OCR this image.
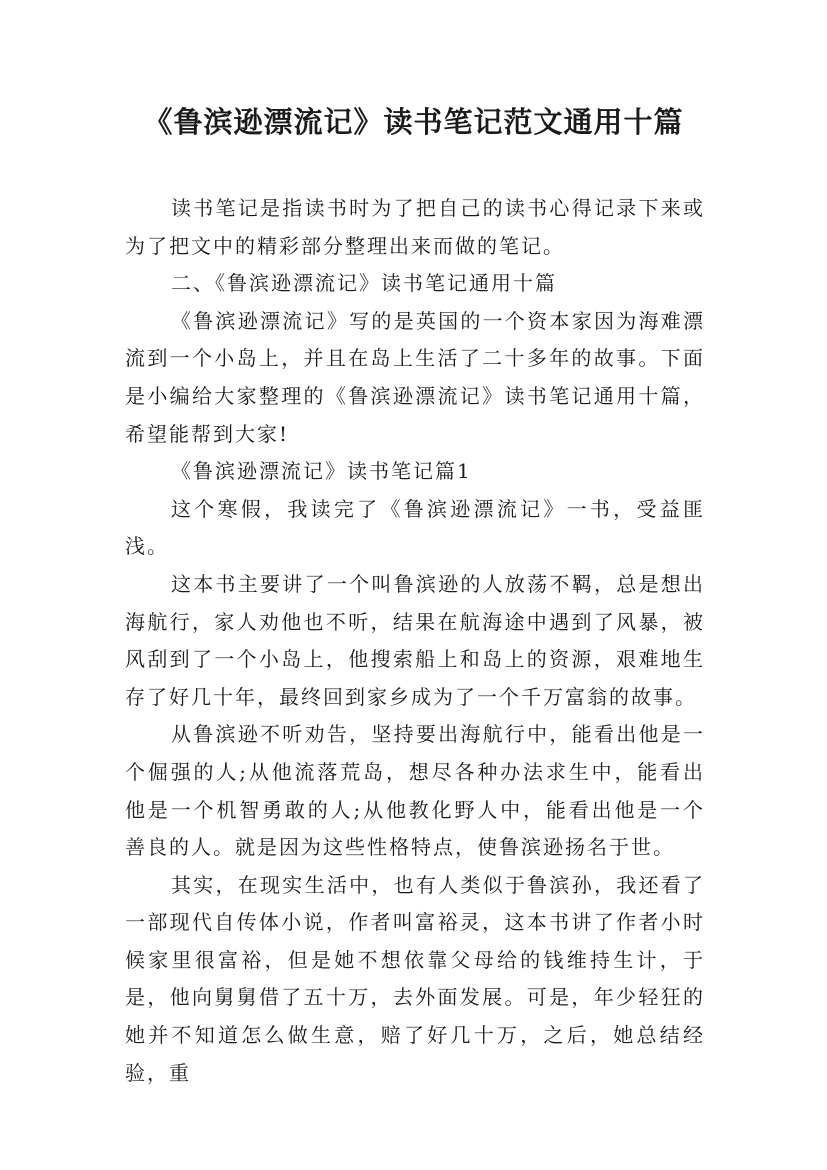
《鲁滨逊漂流记》读书笔记范文通用十篇

读书笔记是指读书时为了把自己的读书心得记录下来或为了把文中的精彩部分整理出来而做的笔记。

二、《鲁滨逊漂流记》读书笔记通用十篇

《鲁滨逊漂流记》写的是英国的一个资本家因为海难漂流到一个小岛上，并且在岛上生活了二十多年的故事。下面是小编给大家整理的《鲁滨逊漂流记》读书笔记通用十篇，希望能帮到大家!

《鲁滨逊漂流记》读书笔记篇1

这个寒假，我读完了《鲁滨逊漂流记》一书，受益匪浅。

这本书主要讲了一个叫鲁滨逊的人放荡不羁，总是想出海航行，家人劝他也不听，结果在航海途中遇到了风暴，被风刮到了一个小岛上，他搜索船上和岛上的资源，艰难地生存了好几十年，最终回到家乡成为了一个千万富翁的故事。

从鲁滨逊不听劝告，坚持要出海航行中，能看出他是一个倔强的人;从他流落荒岛，想尽各种办法求生中，能看出他是一个机智勇敢的人;从他教化野人中，能看出他是一个善良的人。就是因为这些性格特点，使鲁滨逊扬名于世。

其实，在现实生活中，也有人类似于鲁滨孙，我还看了一部现代自传体小说，作者叫富裕灵，这本书讲了作者小时候家里很富裕，但是她不想依靠父母给的钱维持生计，于是，他向舅舅借了五十万，去外面发展。可是，年少轻狂的她并不知道怎么做生意，赔了好几十万，之后，她总结经验，重
